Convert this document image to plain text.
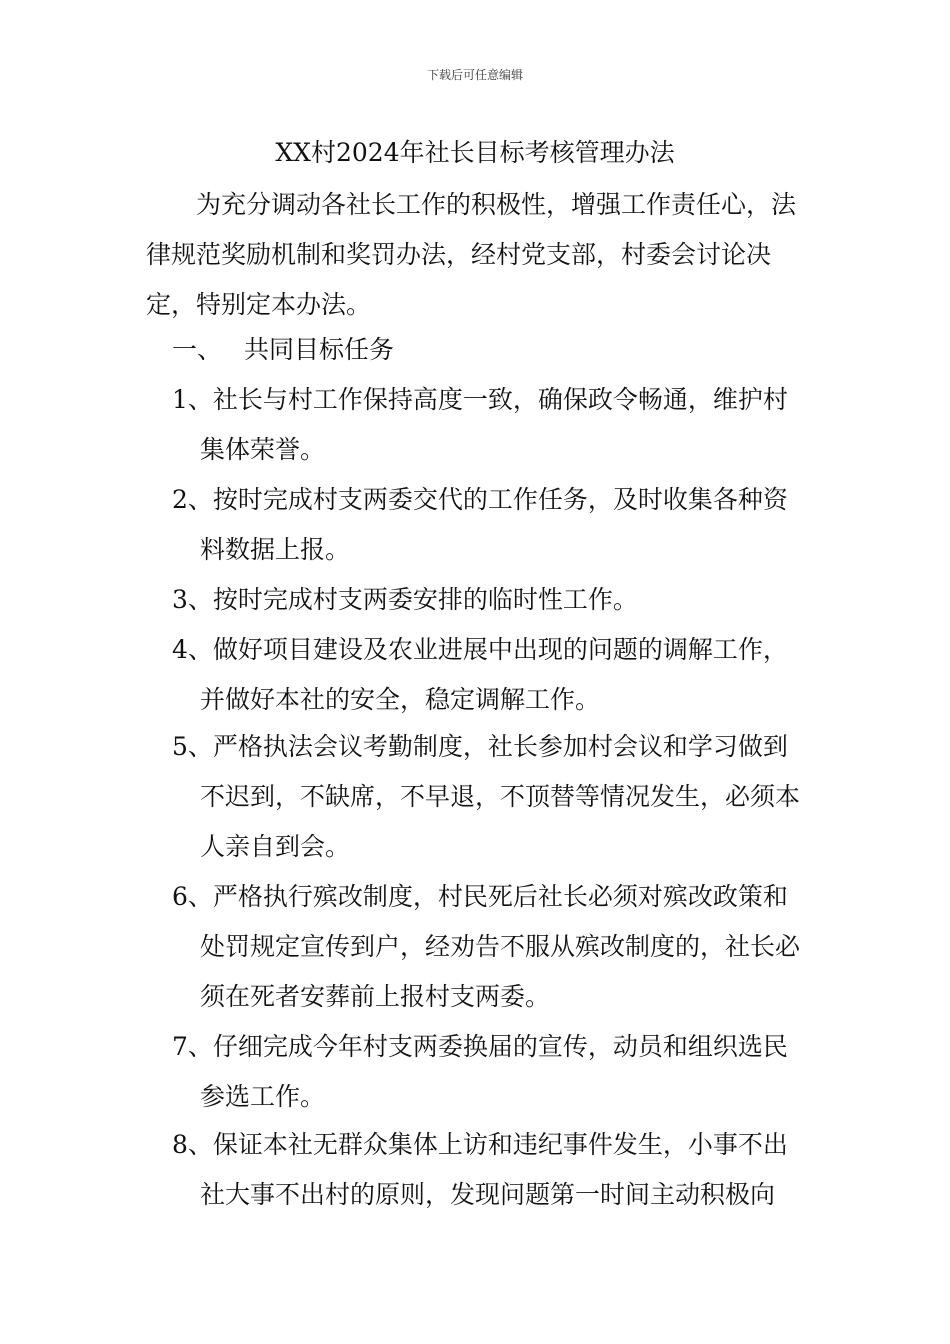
下载后可任意编辑
XX村2024年社长目标考核管理办法

为充分调动各社长工作的积极性，增强工作责任心，法律规范奖励机制和奖罚办法，经村党支部，村委会讨论决定，特别定本办法。

一、 共同目标任务
1、社长与村工作保持高度一致，确保政令畅通，维护村集体荣誉。
2、按时完成村支两委交代的工作任务，及时收集各种资料数据上报。
3、按时完成村支两委安排的临时性工作。
4、做好项目建设及农业进展中出现的问题的调解工作，并做好本社的安全，稳定调解工作。
5、严格执法会议考勤制度，社长参加村会议和学习做到不迟到，不缺席，不早退，不顶替等情况发生，必须本人亲自到会。
6、严格执行殡改制度，村民死后社长必须对殡改政策和处罚规定宣传到户，经劝告不服从殡改制度的，社长必须在死者安葬前上报村支两委。
7、仔细完成今年村支两委换届的宣传，动员和组织选民参选工作。
8、保证本社无群众集体上访和违纪事件发生，小事不出社大事不出村的原则，发现问题第一时间主动积极向
